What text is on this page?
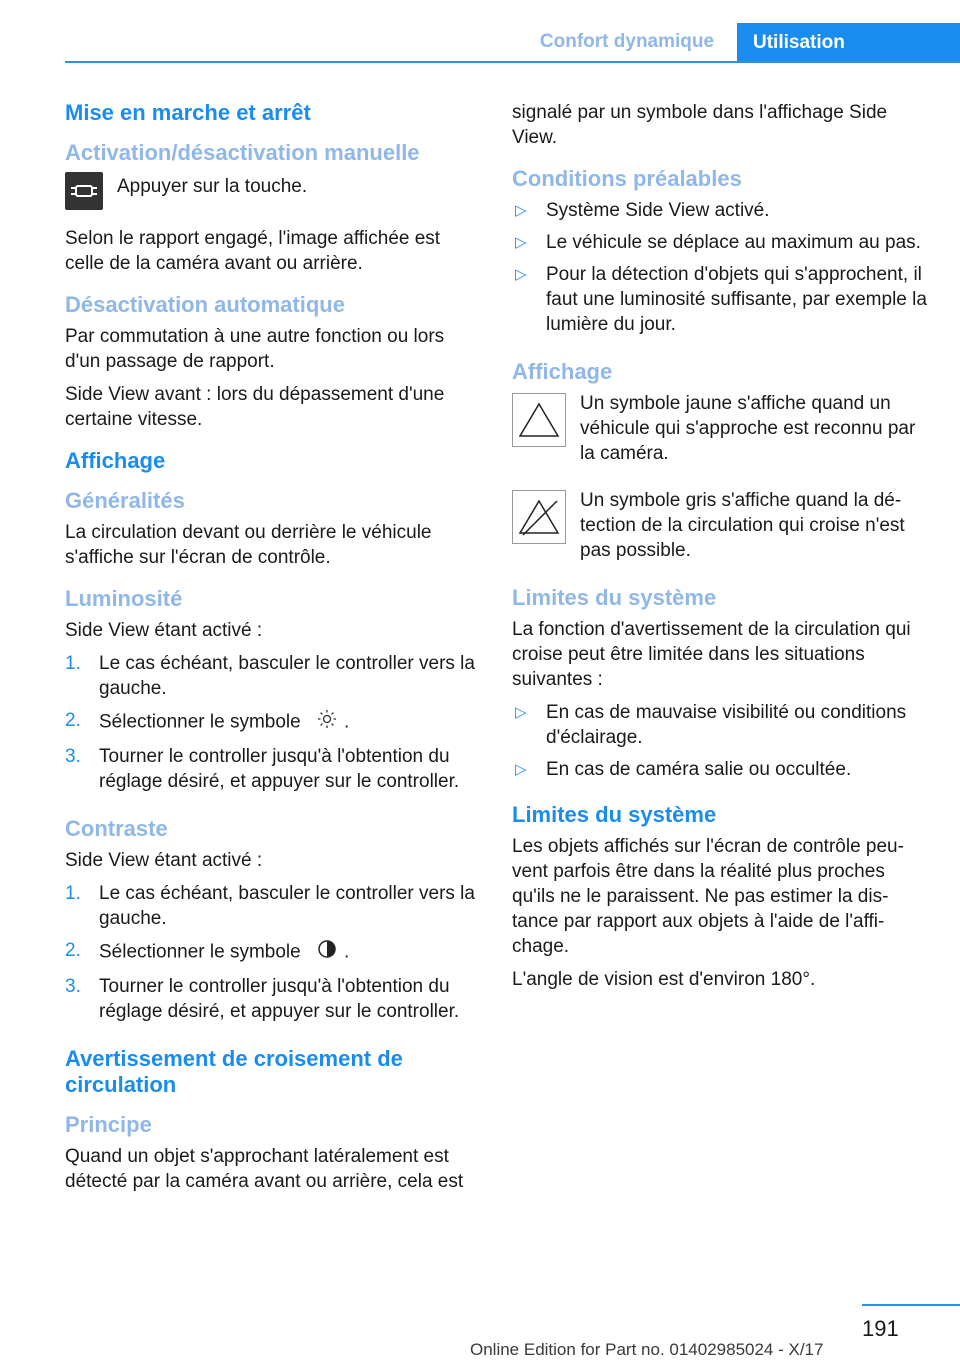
Confort dynamique	Utilisation
Mise en marche et arrêt
Activation/désactivation manuelle
Appuyer sur la touche.

Selon le rapport engagé, l'image affichée est celle de la caméra avant ou arrière.

Désactivation automatique

Par commutation à une autre fonction ou lors d'un passage de rapport.

Side View avant : lors du dépassement d'une certaine vitesse.

Affichage
Généralités

La circulation devant ou derrière le véhicule s'affiche sur l'écran de contrôle.

Luminosité

Side View étant activé :

1. Le cas échéant, basculer le controller vers la gauche.
2. Sélectionner le symbole .
3. Tourner le controller jusqu'à l'obtention du réglage désiré, et appuyer sur le controller.
Contraste

Side View étant activé :

1. Le cas échéant, basculer le controller vers la gauche.
2. Sélectionner le symbole .
3. Tourner le controller jusqu'à l'obtention du réglage désiré, et appuyer sur le controller.
Avertissement de croisement de circulation
Principe

Quand un objet s'approchant latéralement est détecté par la caméra avant ou arrière, cela est

signalé par un symbole dans l'affichage Side View.

Conditions préalables
▷ Système Side View activé.
▷ Le véhicule se déplace au maximum au pas.
▷ Pour la détection d'objets qui s'approchent, il faut une luminosité suffisante, par exemple la lumière du jour.
Affichage
Un symbole jaune s'affiche quand un véhicule qui s'approche est reconnu par la caméra.
Un symbole gris s'affiche quand la détection de la circulation qui croise n'est pas possible.
Limites du système

La fonction d'avertissement de la circulation qui croise peut être limitée dans les situations suivantes :

▷ En cas de mauvaise visibilité ou conditions d'éclairage.
▷ En cas de caméra salie ou occultée.
Limites du système

Les objets affichés sur l'écran de contrôle peuvent parfois être dans la réalité plus proches qu'ils ne le paraissent. Ne pas estimer la distance par rapport aux objets à l'aide de l'affichage.

L'angle de vision est d'environ 180°.

191
Online Edition for Part no. 01402985024 - X/17
